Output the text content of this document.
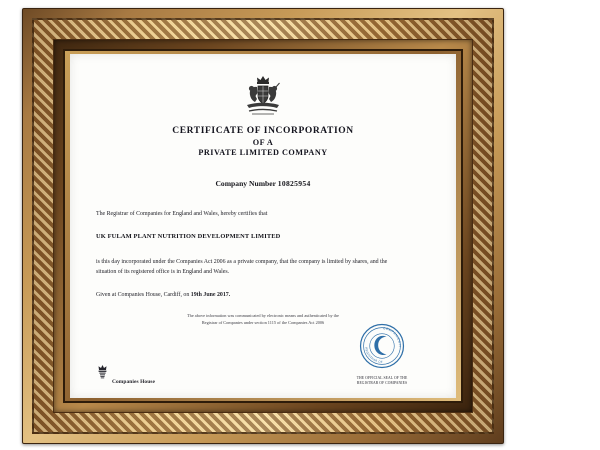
CERTIFICATE OF INCORPORATION
OF A
PRIVATE LIMITED COMPANY
Company Number 10825954

The Registrar of Companies for England and Wales, hereby certifies that

UK FULAM PLANT NUTRITION DEVELOPMENT LIMITED

is this day incorporated under the Companies Act 2006 as a private company, that the company is limited by shares, and the situation of its registered office is in England and Wales.

Given at Companies House, Cardiff, on 19th June 2017.

The above information was communicated by electronic means and authenticated by the
Registrar of Companies under section 1115 of the Companies Act 2006
Companies House
COMPANIES H
REGISTRAR OF
THE OFFICIAL SEAL OF THE
REGISTRAR OF COMPANIES
